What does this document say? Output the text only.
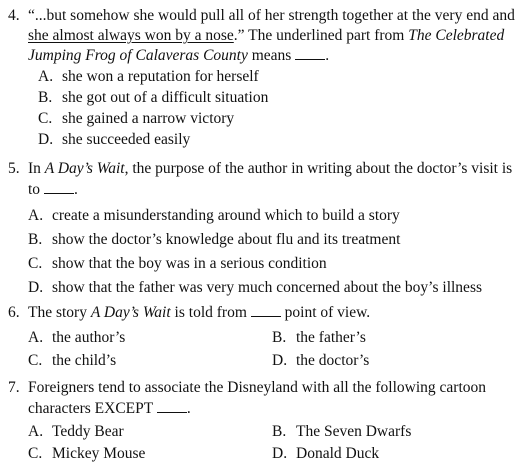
4. “...but somehow she would pull all of her strength together at the very end and
she almost always won by a nose.” The underlined part from The Celebrated
Jumping Frog of Calaveras County means .
A. she won a reputation for herself
B. she got out of a difficult situation
C. she gained a narrow victory
D. she succeeded easily
5. In A Day’s Wait, the purpose of the author in writing about the doctor’s visit is
to .
A. create a misunderstanding around which to build a story
B. show the doctor’s knowledge about flu and its treatment
C. show that the boy was in a serious condition
D. show that the father was very much concerned about the boy’s illness
6. The story A Day’s Wait is told from point of view.
A. the author’s	B. the father’s
C. the child’s	D. the doctor’s
7. Foreigners tend to associate the Disneyland with all the following cartoon
characters EXCEPT .
A. Teddy Bear	B. The Seven Dwarfs
C. Mickey Mouse	D. Donald Duck
